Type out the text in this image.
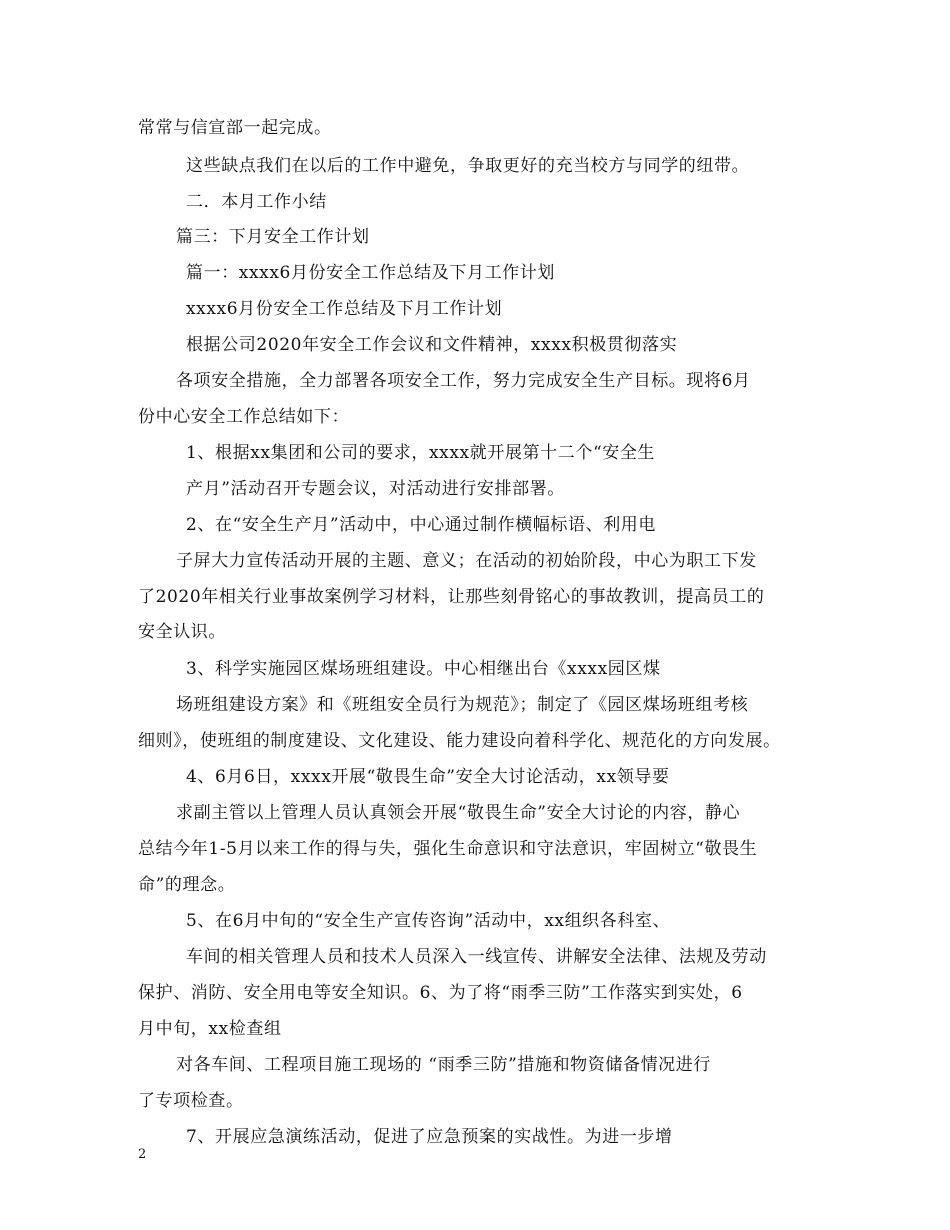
常常与信宣部一起完成。
这些缺点我们在以后的工作中避免，争取更好的充当校方与同学的纽带。
二．本月工作小结
篇三：下月安全工作计划
篇一：xxxx6月份安全工作总结及下月工作计划
xxxx6月份安全工作总结及下月工作计划
根据公司2020年安全工作会议和文件精神，xxxx积极贯彻落实
各项安全措施，全力部署各项安全工作，努力完成安全生产目标。现将6月
份中心安全工作总结如下：
1、根据xx集团和公司的要求，xxxx就开展第十二个“安全生
产月”活动召开专题会议，对活动进行安排部署。
2、在“安全生产月”活动中，中心通过制作横幅标语、利用电
子屏大力宣传活动开展的主题、意义；在活动的初始阶段，中心为职工下发
了2020年相关行业事故案例学习材料，让那些刻骨铭心的事故教训，提高员工的
安全认识。
3、科学实施园区煤场班组建设。中心相继出台《xxxx园区煤
场班组建设方案》和《班组安全员行为规范》；制定了《园区煤场班组考核
细则》，使班组的制度建设、文化建设、能力建设向着科学化、规范化的方向发展。
4、6月6日，xxxx开展“敬畏生命”安全大讨论活动，xx领导要
求副主管以上管理人员认真领会开展“敬畏生命”安全大讨论的内容，静心
总结今年1-5月以来工作的得与失，强化生命意识和守法意识，牢固树立“敬畏生
命”的理念。
5、在6月中旬的“安全生产宣传咨询”活动中，xx组织各科室、
车间的相关管理人员和技术人员深入一线宣传、讲解安全法律、法规及劳动
保护、消防、安全用电等安全知识。6、为了将“雨季三防”工作落实到实处，6
月中旬，xx检查组
对各车间、工程项目施工现场的 “雨季三防”措施和物资储备情况进行
了专项检查。
7、开展应急演练活动，促进了应急预案的实战性。为进一步增
2
